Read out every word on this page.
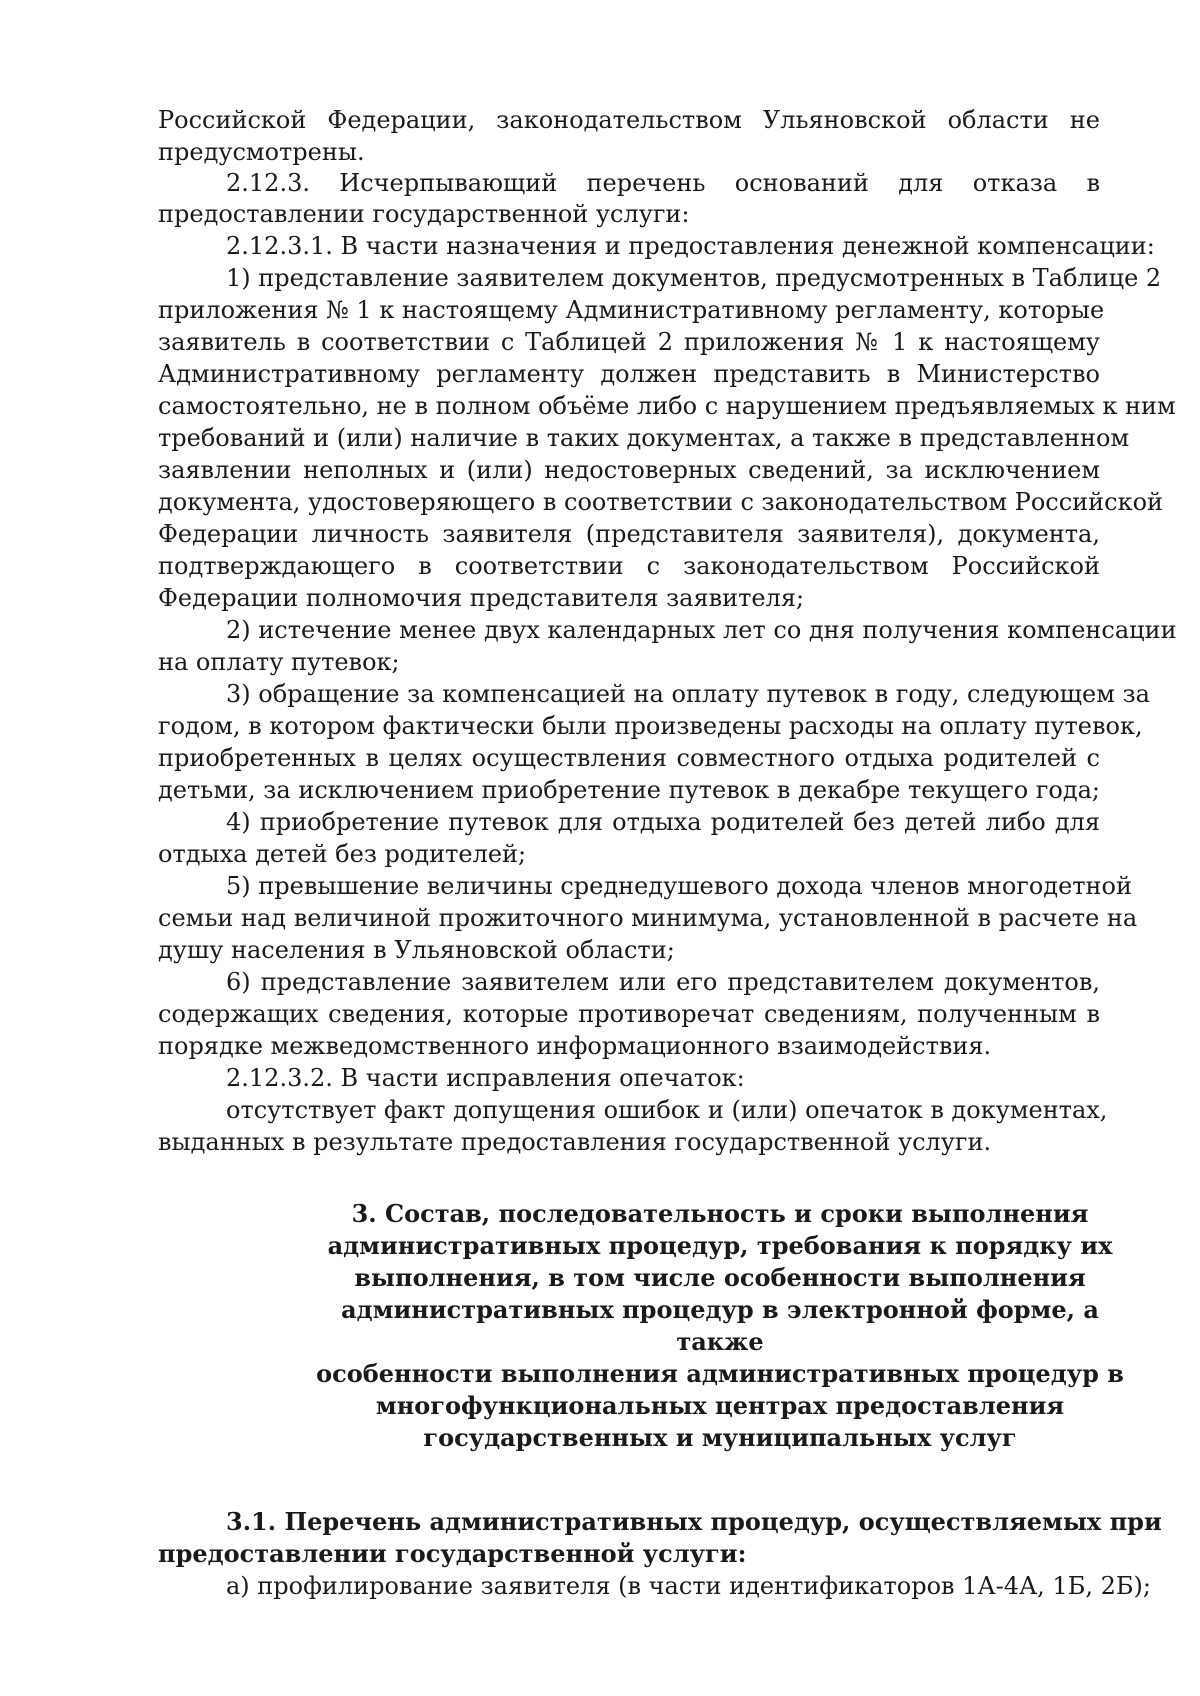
Российской Федерации, законодательством Ульяновской области не
предусмотрены.
2.12.3. Исчерпывающий перечень оснований для отказа в
предоставлении государственной услуги:
2.12.3.1. В части назначения и предоставления денежной компенсации:
1) представление заявителем документов, предусмотренных в Таблице 2
приложения № 1 к настоящему Административному регламенту, которые
заявитель в соответствии с Таблицей 2 приложения № 1 к настоящему
Административному регламенту должен представить в Министерство
самостоятельно, не в полном объёме либо с нарушением предъявляемых к ним
требований и (или) наличие в таких документах, а также в представленном
заявлении неполных и (или) недостоверных сведений, за исключением
документа, удостоверяющего в соответствии с законодательством Российской
Федерации личность заявителя (представителя заявителя), документа,
подтверждающего в соответствии с законодательством Российской
Федерации полномочия представителя заявителя;
2) истечение менее двух календарных лет со дня получения компенсации
на оплату путевок;
3) обращение за компенсацией на оплату путевок в году, следующем за
годом, в котором фактически были произведены расходы на оплату путевок,
приобретенных в целях осуществления совместного отдыха родителей с
детьми, за исключением приобретение путевок в декабре текущего года;
4) приобретение путевок для отдыха родителей без детей либо для
отдыха детей без родителей;
5) превышение величины среднедушевого дохода членов многодетной
семьи над величиной прожиточного минимума, установленной в расчете на
душу населения в Ульяновской области;
6) представление заявителем или его представителем документов,
содержащих сведения, которые противоречат сведениям, полученным в
порядке межведомственного информационного взаимодействия.
2.12.3.2. В части исправления опечаток:
отсутствует факт допущения ошибок и (или) опечаток в документах,
выданных в результате предоставления государственной услуги.
3. Состав, последовательность и сроки выполнения
административных процедур, требования к порядку их
выполнения, в том числе особенности выполнения
административных процедур в электронной форме, а также
особенности выполнения административных процедур в
многофункциональных центрах предоставления
государственных и муниципальных услуг
3.1. Перечень административных процедур, осуществляемых при
предоставлении государственной услуги:
а) профилирование заявителя (в части идентификаторов 1А-4А, 1Б, 2Б);
